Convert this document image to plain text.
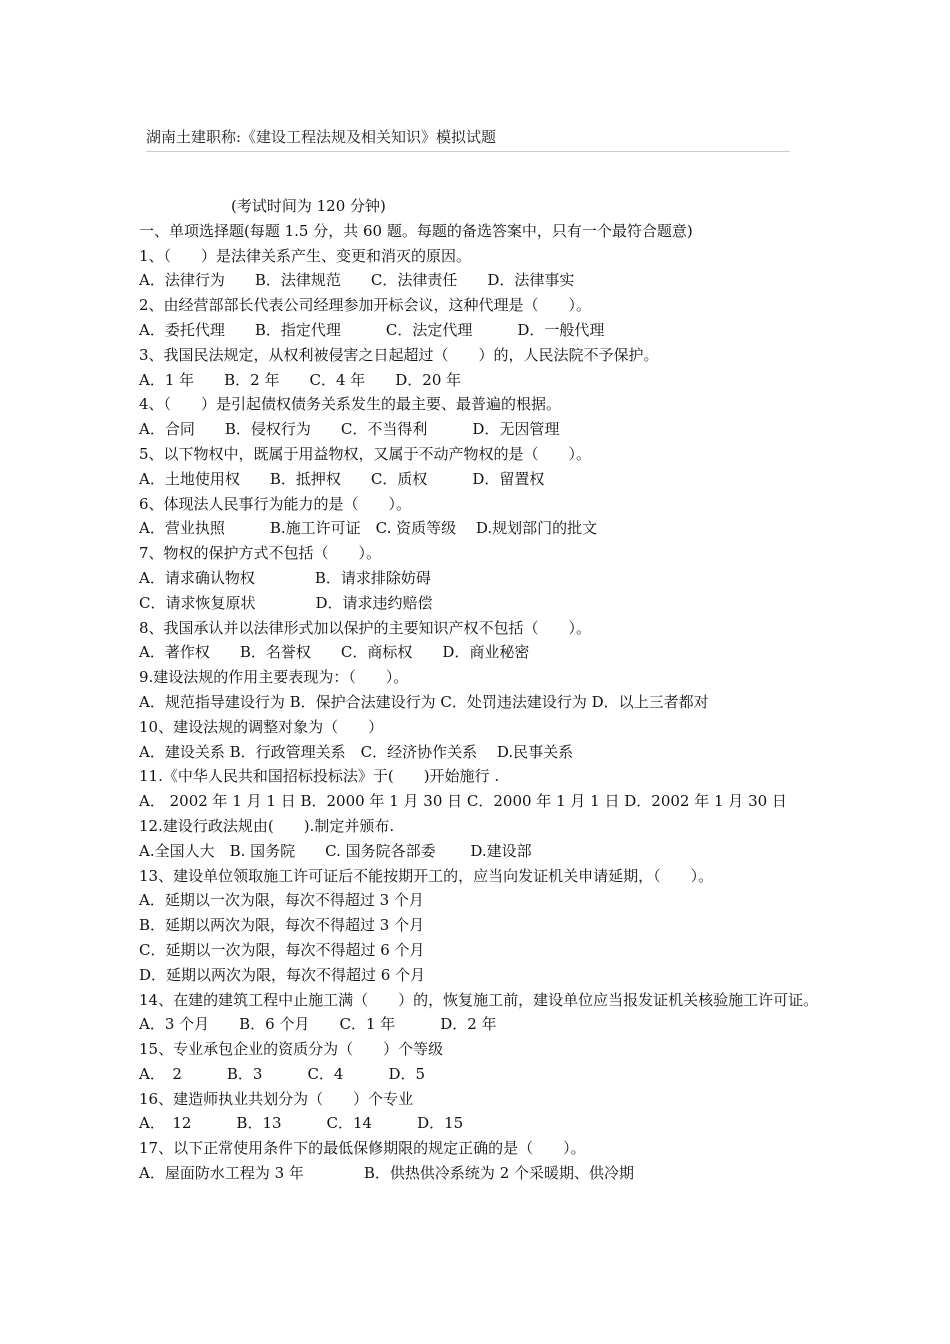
湖南土建职称:《建设工程法规及相关知识》模拟试题
(考试时间为 120 分钟)
一、单项选择题(每题 1.5 分，共 60 题。每题的备选答案中，只有一个最符合题意)
1、（　　）是法律关系产生、变更和消灭的原因。
A．法律行为　　B．法律规范　　C．法律责任　　D．法律事实
2、由经营部部长代表公司经理参加开标会议，这种代理是（　　）。
A．委托代理　　B．指定代理　　　C．法定代理　　　D．一般代理
3、我国民法规定，从权利被侵害之日起超过（　　）的，人民法院不予保护。
A．1 年　　B．2 年　　C．4 年　　D．20 年
4、（　　）是引起债权债务关系发生的最主要、最普遍的根据。
A．合同　　B．侵权行为　　C．不当得利　　　D．无因管理
5、以下物权中，既属于用益物权，又属于不动产物权的是（　　）。
A．土地使用权　　B．抵押权　　C．质权　　　D．留置权
6、体现法人民事行为能力的是（　　）。
A．营业执照　　　B.施工许可证　C. 资质等级　 D.规划部门的批文
7、物权的保护方式不包括（　　）。
A．请求确认物权　　　　B．请求排除妨碍
C．请求恢复原状　　　　D．请求违约赔偿
8、我国承认并以法律形式加以保护的主要知识产权不包括（　　）。
A．著作权　　B．名誉权　　C．商标权　　D．商业秘密
9.建设法规的作用主要表现为：（　　）。
A．规范指导建设行为 B．保护合法建设行为 C．处罚违法建设行为 D．以上三者都对
10、建设法规的调整对象为（　　）
A．建设关系 B．行政管理关系　C．经济协作关系　 D.民事关系
11.《中华人民共和国招标投标法》于(　　)开始施行 .
A． 2002 年 1 月 1 日 B．2000 年 1 月 30 日 C．2000 年 1 月 1 日 D．2002 年 1 月 30 日
12.建设行政法规由(　　).制定并颁布.
A.全国人大　B. 国务院　　C. 国务院各部委　　 D.建设部
13、建设单位领取施工许可证后不能按期开工的，应当向发证机关申请延期，（　　）。
A．延期以一次为限，每次不得超过 3 个月
B．延期以两次为限，每次不得超过 3 个月
C．延期以一次为限，每次不得超过 6 个月
D．延期以两次为限，每次不得超过 6 个月
14、在建的建筑工程中止施工满（　　）的，恢复施工前，建设单位应当报发证机关核验施工许可证。
A．3 个月　　B．6 个月　　C．1 年　　　D．2 年
15、专业承包企业的资质分为（　　）个等级
A．　2　　　B．3　　　C．4　　　D．5
16、建造师执业共划分为（　　）个专业
A．　12　　　B．13　　　C．14　　　D．15
17、以下正常使用条件下的最低保修期限的规定正确的是（　　）。
A．屋面防水工程为 3 年　　　　B．供热供冷系统为 2 个采暖期、供冷期
